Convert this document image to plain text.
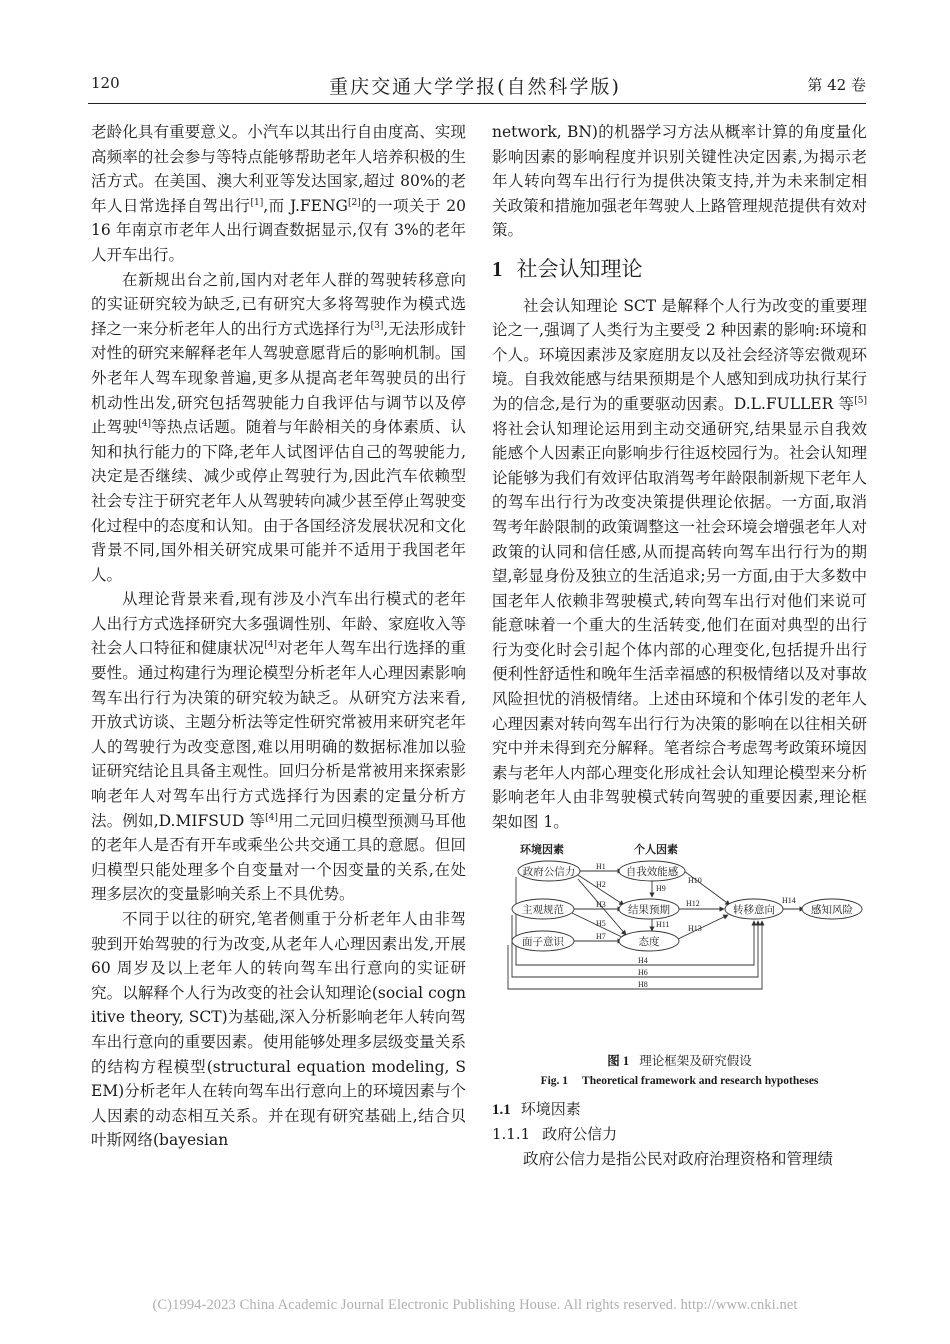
120	重庆交通大学学报(自然科学版)	第 42 卷

老龄化具有重要意义。小汽车以其出行自由度高、实现高频率的社会参与等特点能够帮助老年人培养积极的生活方式。在美国、澳大利亚等发达国家,超过 80%的老年人日常选择自驾出行[1],而 J.FENG[2]的一项关于 2016 年南京市老年人出行调查数据显示,仅有 3%的老年人开车出行。

在新规出台之前,国内对老年人群的驾驶转移意向的实证研究较为缺乏,已有研究大多将驾驶作为模式选择之一来分析老年人的出行方式选择行为[3],无法形成针对性的研究来解释老年人驾驶意愿背后的影响机制。国外老年人驾车现象普遍,更多从提高老年驾驶员的出行机动性出发,研究包括驾驶能力自我评估与调节以及停止驾驶[4]等热点话题。随着与年龄相关的身体素质、认知和执行能力的下降,老年人试图评估自己的驾驶能力,决定是否继续、减少或停止驾驶行为,因此汽车依赖型社会专注于研究老年人从驾驶转向减少甚至停止驾驶变化过程中的态度和认知。由于各国经济发展状况和文化背景不同,国外相关研究成果可能并不适用于我国老年人。

从理论背景来看,现有涉及小汽车出行模式的老年人出行方式选择研究大多强调性别、年龄、家庭收入等社会人口特征和健康状况[4]对老年人驾车出行选择的重要性。通过构建行为理论模型分析老年人心理因素影响驾车出行行为决策的研究较为缺乏。从研究方法来看,开放式访谈、主题分析法等定性研究常被用来研究老年人的驾驶行为改变意图,难以用明确的数据标准加以验证研究结论且具备主观性。回归分析是常被用来探索影响老年人对驾车出行方式选择行为因素的定量分析方法。例如,D.MIFSUD 等[4]用二元回归模型预测马耳他的老年人是否有开车或乘坐公共交通工具的意愿。但回归模型只能处理多个自变量对一个因变量的关系,在处理多层次的变量影响关系上不具优势。

不同于以往的研究,笔者侧重于分析老年人由非驾驶到开始驾驶的行为改变,从老年人心理因素出发,开展 60 周岁及以上老年人的转向驾车出行意向的实证研究。以解释个人行为改变的社会认知理论(social cognitive theory, SCT)为基础,深入分析影响老年人转向驾车出行意向的重要因素。使用能够处理多层级变量关系的结构方程模型(structural equation modeling, SEM)分析老年人在转向驾车出行意向上的环境因素与个人因素的动态相互关系。并在现有研究基础上,结合贝叶斯网络(bayesian

network, BN)的机器学习方法从概率计算的角度量化影响因素的影响程度并识别关键性决定因素,为揭示老年人转向驾车出行行为提供决策支持,并为未来制定相关政策和措施加强老年驾驶人上路管理规范提供有效对策。

1 社会认知理论

社会认知理论 SCT 是解释个人行为改变的重要理论之一,强调了人类行为主要受 2 种因素的影响:环境和个人。环境因素涉及家庭朋友以及社会经济等宏微观环境。自我效能感与结果预期是个人感知到成功执行某行为的信念,是行为的重要驱动因素。D.L.FULLER 等[5]将社会认知理论运用到主动交通研究,结果显示自我效能感个人因素正向影响步行往返校园行为。社会认知理论能够为我们有效评估取消驾考年龄限制新规下老年人的驾车出行行为改变决策提供理论依据。一方面,取消驾考年龄限制的政策调整这一社会环境会增强老年人对政策的认同和信任感,从而提高转向驾车出行行为的期望,彰显身份及独立的生活追求;另一方面,由于大多数中国老年人依赖非驾驶模式,转向驾车出行对他们来说可能意味着一个重大的生活转变,他们在面对典型的出行行为变化时会引起个体内部的心理变化,包括提升出行便利性舒适性和晚年生活幸福感的积极情绪以及对事故风险担忧的消极情绪。上述由环境和个体引发的老年人心理因素对转向驾车出行行为决策的影响在以往相关研究中并未得到充分解释。笔者综合考虑驾考政策环境因素与老年人内部心理变化形成社会认知理论模型来分析影响老年人由非驾驶模式转向驾驶的重要因素,理论框架如图 1。

环境因素	个人因素
政府公信力
主观规范
面子意识
自我效能感
结果预期
态度
转移意向	感知风险
H1
H2
H3
H4
H5
H6
H7
H8
H9
H10
H11
H12
H13
H14
图 1 理论框架及研究假设
Fig. 1 Theoretical framework and research hypotheses

1.1 环境因素

1.1.1 政府公信力

政府公信力是指公民对政府治理资格和管理绩

(C)1994-2023 China Academic Journal Electronic Publishing House. All rights reserved. http://www.cnki.net
